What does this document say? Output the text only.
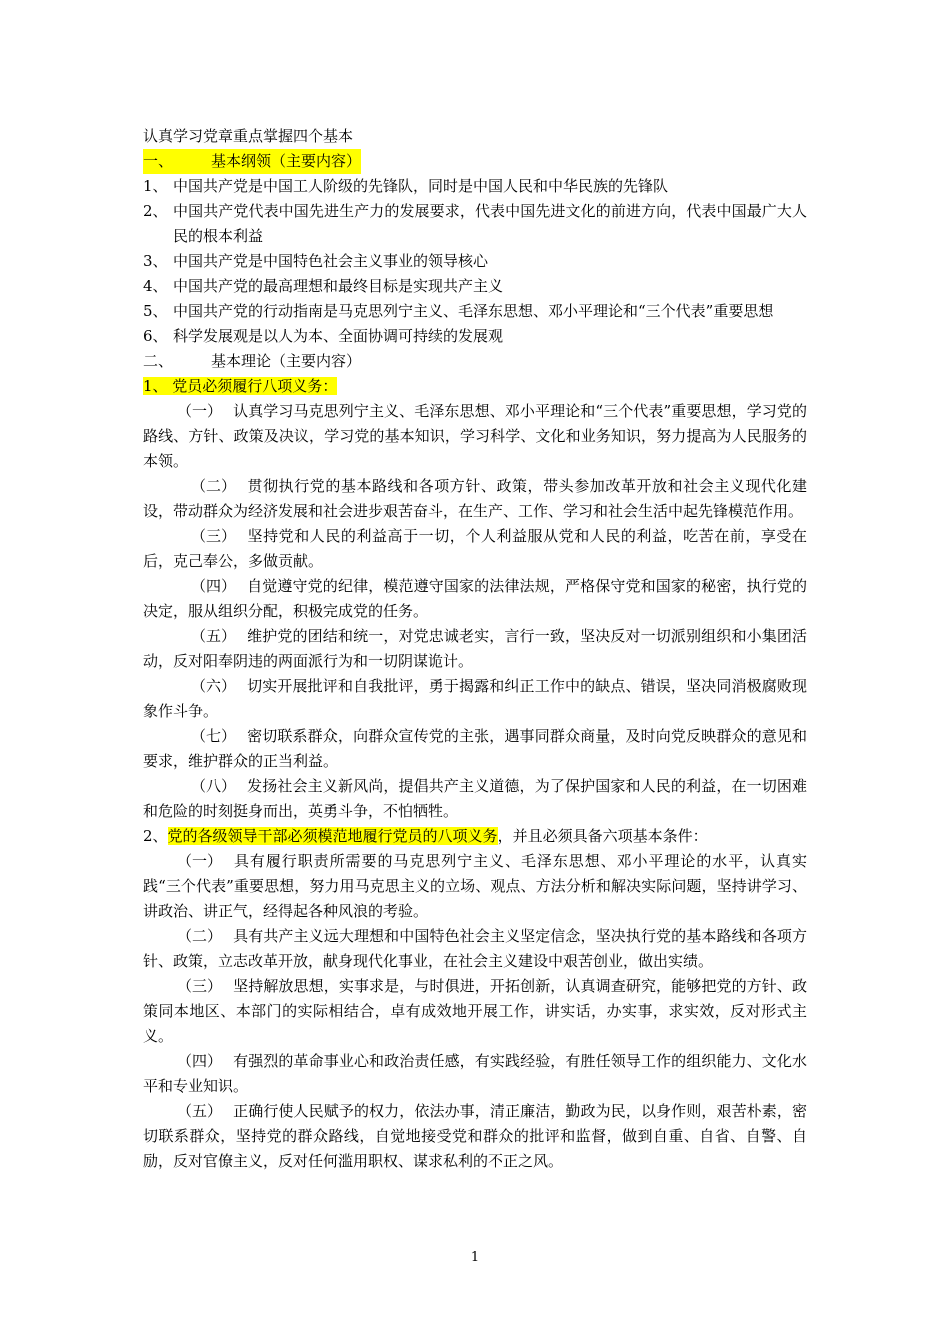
认真学习党章重点掌握四个基本

一、	基本纲领（主要内容）
1、 中国共产党是中国工人阶级的先锋队，同时是中国人民和中华民族的先锋队
2、 中国共产党代表中国先进生产力的发展要求，代表中国先进文化的前进方向，代表中国最广大人民的根本利益
3、 中国共产党是中国特色社会主义事业的领导核心
4、 中国共产党的最高理想和最终目标是实现共产主义
5、 中国共产党的行动指南是马克思列宁主义、毛泽东思想、邓小平理论和“三个代表”重要思想
6、 科学发展观是以人为本、全面协调可持续的发展观
二、	基本理论（主要内容）

1、 党员必须履行八项义务：

（一） 认真学习马克思列宁主义、毛泽东思想、邓小平理论和“三个代表”重要思想，学习党的路线、方针、政策及决议，学习党的基本知识，学习科学、文化和业务知识，努力提高为人民服务的本领。

（二） 贯彻执行党的基本路线和各项方针、政策，带头参加改革开放和社会主义现代化建设，带动群众为经济发展和社会进步艰苦奋斗，在生产、工作、学习和社会生活中起先锋模范作用。

（三） 坚持党和人民的利益高于一切，个人利益服从党和人民的利益，吃苦在前，享受在后，克己奉公，多做贡献。

（四） 自觉遵守党的纪律，模范遵守国家的法律法规，严格保守党和国家的秘密，执行党的决定，服从组织分配，积极完成党的任务。

（五） 维护党的团结和统一，对党忠诚老实，言行一致，坚决反对一切派别组织和小集团活动，反对阳奉阴违的两面派行为和一切阴谋诡计。

（六） 切实开展批评和自我批评，勇于揭露和纠正工作中的缺点、错误，坚决同消极腐败现象作斗争。

（七） 密切联系群众，向群众宣传党的主张，遇事同群众商量，及时向党反映群众的意见和要求，维护群众的正当利益。

（八） 发扬社会主义新风尚，提倡共产主义道德，为了保护国家和人民的利益，在一切困难和危险的时刻挺身而出，英勇斗争，不怕牺牲。

2、党的各级领导干部必须模范地履行党员的八项义务，并且必须具备六项基本条件：

（一） 具有履行职责所需要的马克思列宁主义、毛泽东思想、邓小平理论的水平，认真实践“三个代表”重要思想，努力用马克思主义的立场、观点、方法分析和解决实际问题，坚持讲学习、讲政治、讲正气，经得起各种风浪的考验。

（二） 具有共产主义远大理想和中国特色社会主义坚定信念，坚决执行党的基本路线和各项方针、政策，立志改革开放，献身现代化事业，在社会主义建设中艰苦创业，做出实绩。

（三） 坚持解放思想，实事求是，与时俱进，开拓创新，认真调查研究，能够把党的方针、政策同本地区、本部门的实际相结合，卓有成效地开展工作，讲实话，办实事，求实效，反对形式主义。

（四） 有强烈的革命事业心和政治责任感，有实践经验，有胜任领导工作的组织能力、文化水平和专业知识。

（五） 正确行使人民赋予的权力，依法办事，清正廉洁，勤政为民，以身作则，艰苦朴素，密切联系群众，坚持党的群众路线，自觉地接受党和群众的批评和监督，做到自重、自省、自警、自励，反对官僚主义，反对任何滥用职权、谋求私利的不正之风。

1
